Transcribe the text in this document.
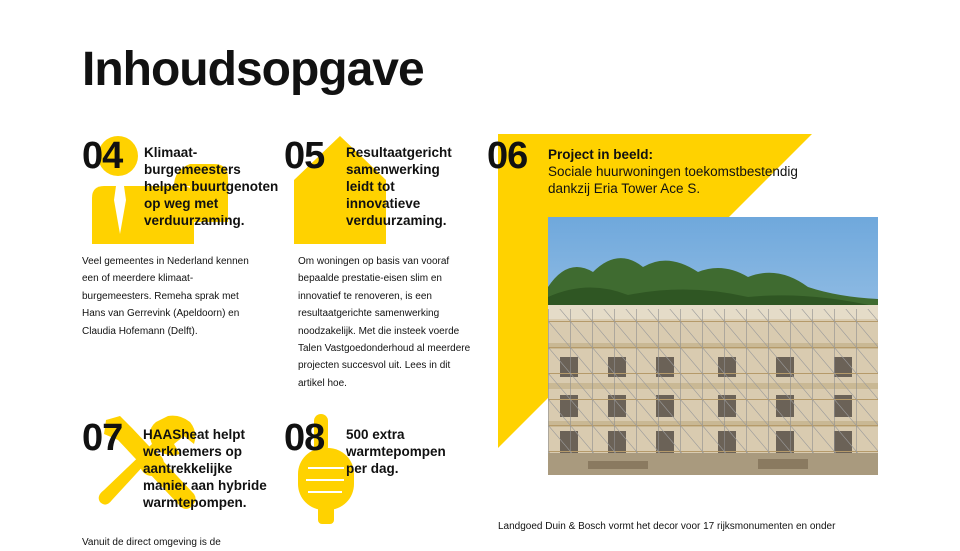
Inhoudsopgave
04 Klimaat-
burgemeesters
helpen buurtgenoten
op weg met
verduurzaming.
Veel gemeentes in Nederland kennen
een of meerdere klimaat-
burgemeesters. Remeha sprak met
Hans van Gerrevink (Apeldoorn) en
Claudia Hofemann (Delft).
05 Resultaatgericht
samenwerking
leidt tot
innovatieve
verduurzaming.
Om woningen op basis van vooraf
bepaalde prestatie-eisen slim en
innovatief te renoveren, is een
resultaatgerichte samenwerking
noodzakelijk. Met die insteek voerde
Talen Vastgoedonderhoud al meerdere
projecten succesvol uit. Lees in dit
artikel hoe.
06 Project in beeld:
Sociale huurwoningen toekomstbestendig
dankzij Eria Tower Ace S.
Landgoed Duin & Bosch vormt het decor voor 17 rijksmonumenten en onder
07 HAASheat helpt
werknemers op
aantrekkelijke
manier aan hybride
warmtepompen.
Vanuit de direct omgeving is de
08 500 extra
warmtepompen
per dag.
